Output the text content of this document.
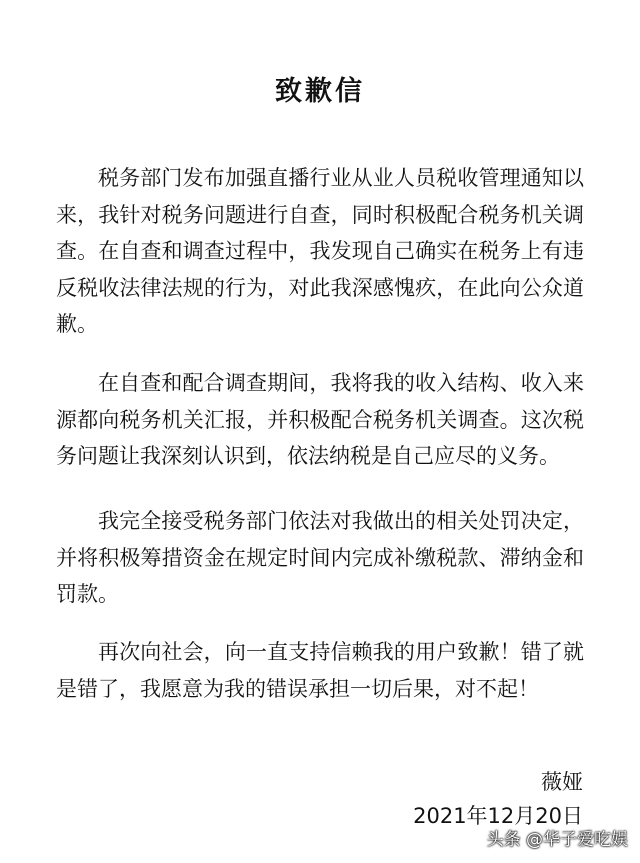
致歉信

税务部门发布加强直播行业从业人员税收管理通知以来，我针对税务问题进行自查，同时积极配合税务机关调查。在自查和调查过程中，我发现自己确实在税务上有违反税收法律法规的行为，对此我深感愧疚，在此向公众道歉。

在自查和配合调查期间，我将我的收入结构、收入来源都向税务机关汇报，并积极配合税务机关调查。这次税务问题让我深刻认识到，依法纳税是自己应尽的义务。

我完全接受税务部门依法对我做出的相关处罚决定，并将积极筹措资金在规定时间内完成补缴税款、滞纳金和罚款。

再次向社会，向一直支持信赖我的用户致歉！错了就是错了，我愿意为我的错误承担一切后果，对不起！

薇娅
2021年12月20日
头条 @华子爱吃娱
